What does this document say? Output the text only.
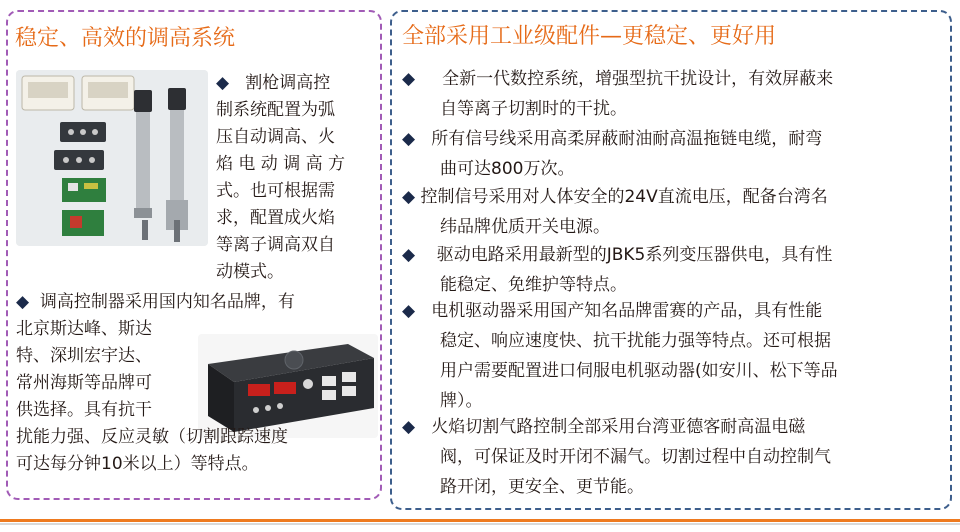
稳定、高效的调高系统	全部采用工业级配件—更稳定、更好用
◆ 割枪调高控
制系统配置为弧
压自动调高、火
焰 电 动 调 高 方
式。也可根据需
求，配置成火焰
等离子调高双自
动模式。
◆ 调高控制器采用国内知名品牌，有
北京斯达峰、斯达
特、深圳宏宇达、
常州海斯等品牌可
供选择。具有抗干
扰能力强、反应灵敏（切割跟踪速度
可达每分钟10米以上）等特点。
◆ 全新一代数控系统，增强型抗干扰设计，有效屏蔽来
自等离子切割时的干扰。
◆ 所有信号线采用高柔屏蔽耐油耐高温拖链电缆，耐弯
曲可达800万次。
◆ 控制信号采用对人体安全的24V直流电压，配备台湾名
纬品牌优质开关电源。
◆ 驱动电路采用最新型的JBK5系列变压器供电，具有性
能稳定、免维护等特点。
◆ 电机驱动器采用国产知名品牌雷赛的产品，具有性能
稳定、响应速度快、抗干扰能力强等特点。还可根据
用户需要配置进口伺服电机驱动器(如安川、松下等品
牌）。
◆ 火焰切割气路控制全部采用台湾亚德客耐高温电磁
阀，可保证及时开闭不漏气。切割过程中自动控制气
路开闭，更安全、更节能。
